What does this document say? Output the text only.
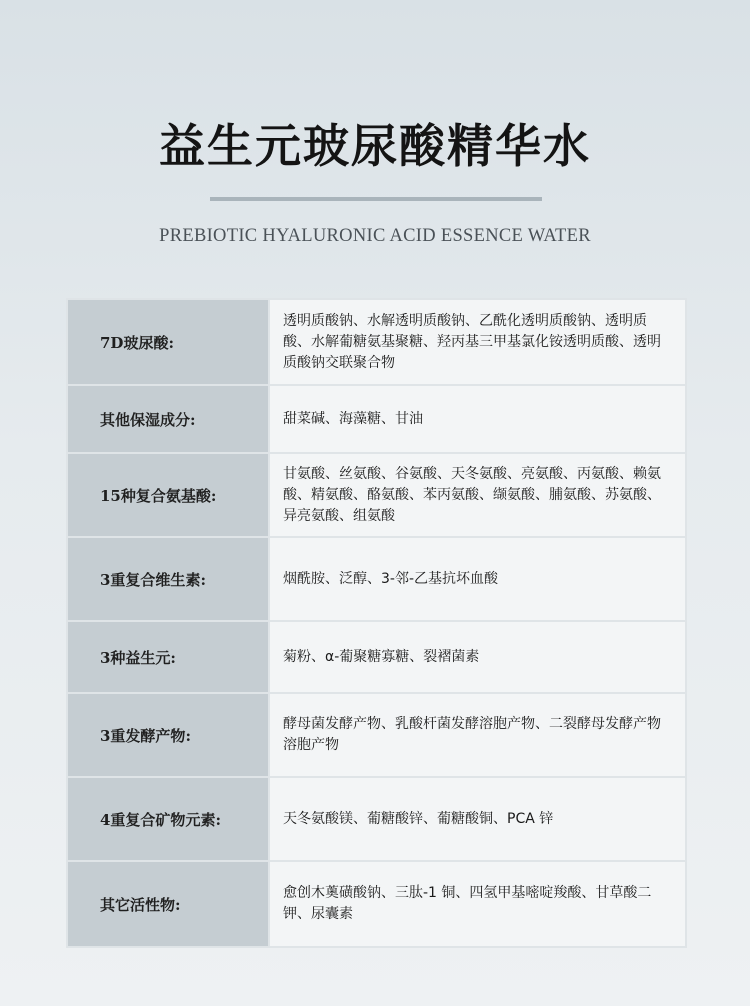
益生元玻尿酸精华水
PREBIOTIC HYALURONIC ACID ESSENCE WATER
7D玻尿酸:
透明质酸钠、水解透明质酸钠、乙酰化透明质酸钠、透明质酸、水解葡糖氨基聚糖、羟丙基三甲基氯化铵透明质酸、透明质酸钠交联聚合物
其他保湿成分:	甜菜碱、海藻糖、甘油
15种复合氨基酸:
甘氨酸、丝氨酸、谷氨酸、天冬氨酸、亮氨酸、丙氨酸、赖氨酸、精氨酸、酪氨酸、苯丙氨酸、缬氨酸、脯氨酸、苏氨酸、异亮氨酸、组氨酸
3重复合维生素:	烟酰胺、泛醇、3-邻-乙基抗坏血酸
3种益生元:	菊粉、α-葡聚糖寡糖、裂褶菌素
3重发酵产物:
酵母菌发酵产物、乳酸杆菌发酵溶胞产物、二裂酵母发酵产物溶胞产物
4重复合矿物元素:	天冬氨酸镁、葡糖酸锌、葡糖酸铜、PCA 锌
其它活性物:
愈创木薁磺酸钠、三肽-1 铜、四氢甲基嘧啶羧酸、甘草酸二钾、尿囊素
